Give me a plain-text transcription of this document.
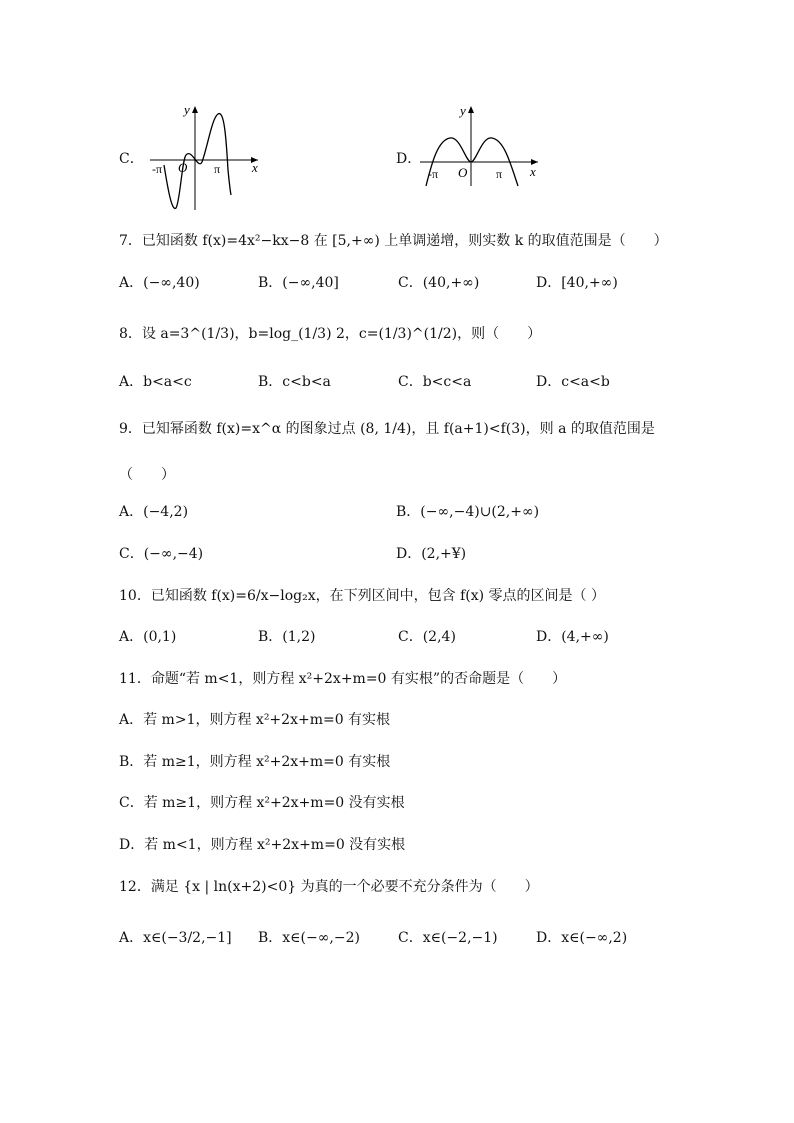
C．
y
x
O
-π	π
D．
y
x
O
-π	π
7．已知函数 f(x)=4x²−kx−8 在 [5,+∞) 上单调递增，则实数 k 的取值范围是（　　）
A．(−∞,40)	B．(−∞,40]	C．(40,+∞)	D．[40,+∞)
8．设 a=3^(1/3)，b=log_(1/3) 2，c=(1/3)^(1/2)，则（　　）
A．b<a<c	B．c<b<a	C．b<c<a	D．c<a<b
9．已知幂函数 f(x)=x^α 的图象过点 (8, 1/4)，且 f(a+1)<f(3)，则 a 的取值范围是
（　　）
A．(−4,2)	B．(−∞,−4)∪(2,+∞)
C．(−∞,−4)	D．(2,+¥)
10．已知函数 f(x)=6/x−log₂x，在下列区间中，包含 f(x) 零点的区间是（ ）
A．(0,1)	B．(1,2)	C．(2,4)	D．(4,+∞)
11．命题“若 m<1，则方程 x²+2x+m=0 有实根”的否命题是（　　）
A．若 m>1，则方程 x²+2x+m=0 有实根
B．若 m≥1，则方程 x²+2x+m=0 有实根
C．若 m≥1，则方程 x²+2x+m=0 没有实根
D．若 m<1，则方程 x²+2x+m=0 没有实根
12．满足 {x | ln(x+2)<0} 为真的一个必要不充分条件为（　　）
A．x∈(−3/2,−1] B．x∈(−∞,−2)	C．x∈(−2,−1)	D．x∈(−∞,2)
